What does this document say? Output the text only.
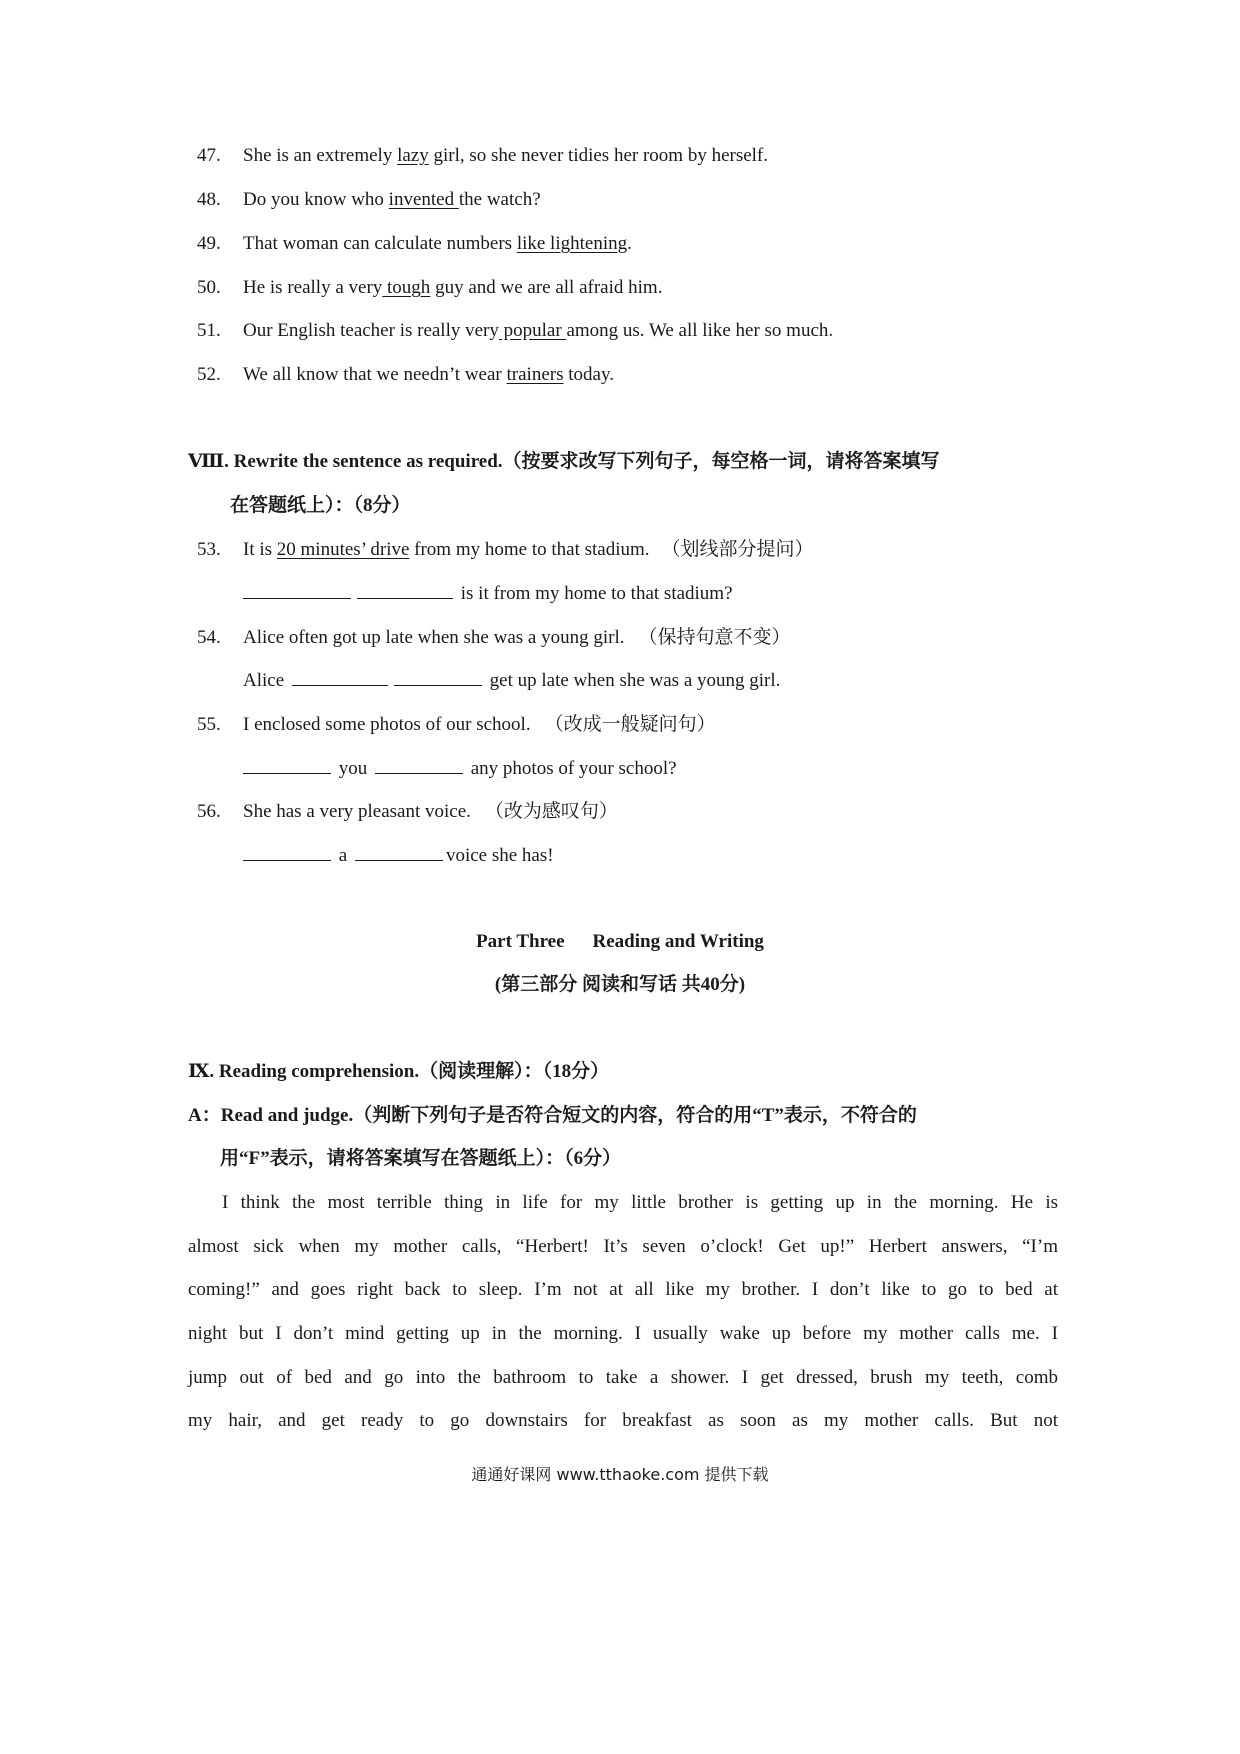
47. She is an extremely lazy girl, so she never tidies her room by herself.
48. Do you know who invented the watch?
49. That woman can calculate numbers like lightening.
50. He is really a very tough guy and we are all afraid him.
51. Our English teacher is really very popular among us. We all like her so much.
52. We all know that we needn’t wear trainers today.
Ⅷ. Rewrite the sentence as required.（按要求改写下列句子，每空格一词，请将答案填写
在答题纸上）：（8分）
53. It is 20 minutes’ drive from my home to that stadium. （划线部分提问）
is it from my home to that stadium?
54. Alice often got up late when she was a young girl. （保持句意不变）
Alice	get up late when she was a young girl.
55. I enclosed some photos of our school. （改成一般疑问句）
you	any photos of your school?
56. She has a very pleasant voice. （改为感叹句）
a	voice she has!
Part Three Reading and Writing
(第三部分 阅读和写话 共40分)
Ⅸ. Reading comprehension.（阅读理解）：（18分）
A：Read and judge.（判断下列句子是否符合短文的内容，符合的用“T”表示，不符合的
用“F”表示，请将答案填写在答题纸上）：（6分）
I think the most terrible thing in life for my little brother is getting up in the morning. He is
almost sick when my mother calls, “Herbert! It’s seven o’clock! Get up!” Herbert answers, “I’m
coming!” and goes right back to sleep. I’m not at all like my brother. I don’t like to go to bed at
night but I don’t mind getting up in the morning. I usually wake up before my mother calls me. I
jump out of bed and go into the bathroom to take a shower. I get dressed, brush my teeth, comb
my hair, and get ready to go downstairs for breakfast as soon as my mother calls. But not
通通好课网 www.tthaoke.com 提供下载
